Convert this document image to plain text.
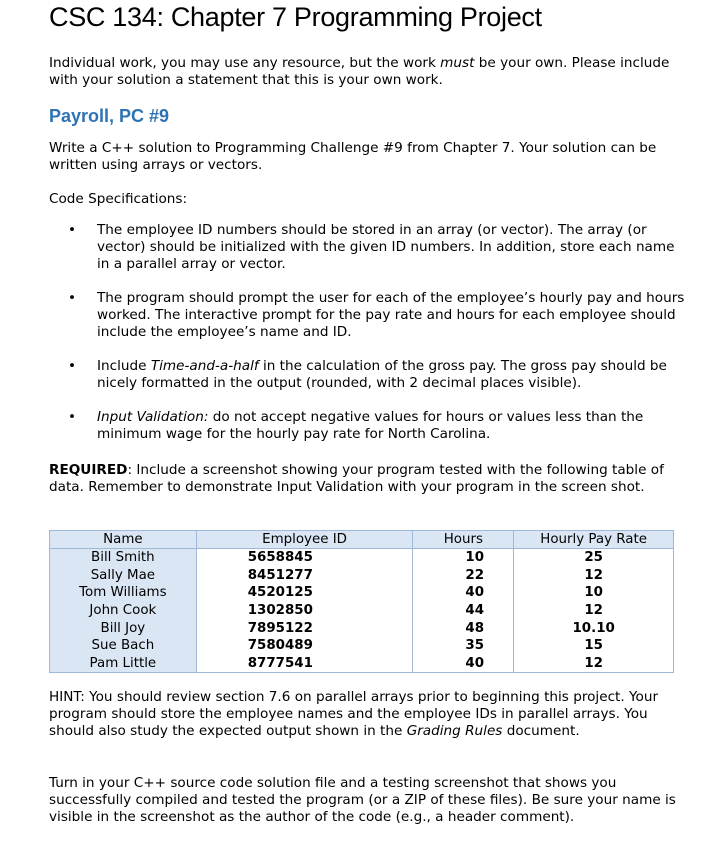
CSC 134: Chapter 7 Programming Project
Individual work, you may use any resource, but the work must be your own. Please include with your solution a statement that this is your own work.
Payroll, PC #9
Write a C++ solution to Programming Challenge #9 from Chapter 7. Your solution can be written using arrays or vectors.
Code Specifications:
• The employee ID numbers should be stored in an array (or vector). The array (or vector) should be initialized with the given ID numbers. In addition, store each name in a parallel array or vector.
• The program should prompt the user for each of the employee’s hourly pay and hours worked. The interactive prompt for the pay rate and hours for each employee should include the employee’s name and ID.
• Include Time-and-a-half in the calculation of the gross pay. The gross pay should be nicely formatted in the output (rounded, with 2 decimal places visible).
• Input Validation: do not accept negative values for hours or values less than the minimum wage for the hourly pay rate for North Carolina.
REQUIRED: Include a screenshot showing your program tested with the following table of data. Remember to demonstrate Input Validation with your program in the screen shot.
Name	Employee ID	Hours	Hourly Pay Rate
Bill Smith	5658845	10	25
Sally Mae	8451277	22	12
Tom Williams	4520125	40	10
John Cook	1302850	44	12
Bill Joy	7895122	48	10.10
Sue Bach	7580489	35	15
Pam Little	8777541	40	12
HINT: You should review section 7.6 on parallel arrays prior to beginning this project. Your program should store the employee names and the employee IDs in parallel arrays. You should also study the expected output shown in the Grading Rules document.
Turn in your C++ source code solution file and a testing screenshot that shows you successfully compiled and tested the program (or a ZIP of these files). Be sure your name is visible in the screenshot as the author of the code (e.g., a header comment).
